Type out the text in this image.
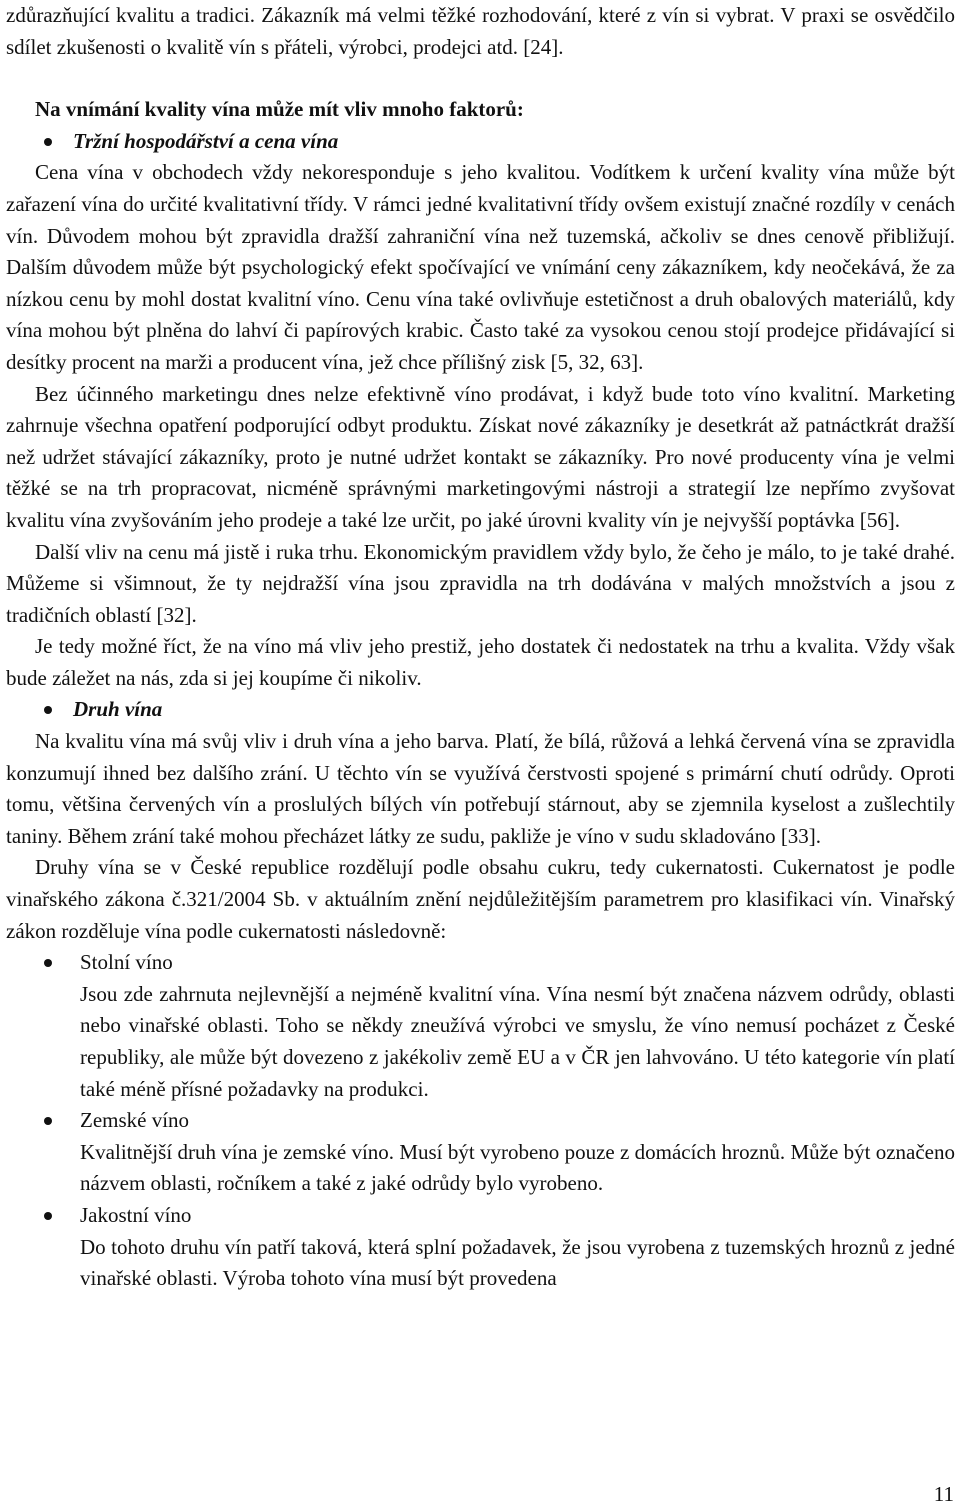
zdůrazňující kvalitu a tradici. Zákazník má velmi těžké rozhodování, které z vín si vybrat. V praxi se osvědčilo sdílet zkušenosti o kvalitě vín s přáteli, výrobci, prodejci atd. [24].

Na vnímání kvality vína může mít vliv mnoho faktorů:

Tržní hospodářství a cena vína

Cena vína v obchodech vždy nekoresponduje s jeho kvalitou. Vodítkem k určení kvality vína může být zařazení vína do určité kvalitativní třídy. V rámci jedné kvalitativní třídy ovšem existují značné rozdíly v cenách vín. Důvodem mohou být zpravidla dražší zahraniční vína než tuzemská, ačkoliv se dnes cenově přibližují. Dalším důvodem může být psychologický efekt spočívající ve vnímání ceny zákazníkem, kdy neočekává, že za nízkou cenu by mohl dostat kvalitní víno. Cenu vína také ovlivňuje estetičnost a druh obalových materiálů, kdy vína mohou být plněna do lahví či papírových krabic. Často také za vysokou cenou stojí prodejce přidávající si desítky procent na marži a producent vína, jež chce přílišný zisk [5, 32, 63].

Bez účinného marketingu dnes nelze efektivně víno prodávat, i když bude toto víno kvalitní. Marketing zahrnuje všechna opatření podporující odbyt produktu. Získat nové zákazníky je desetkrát až patnáctkrát dražší než udržet stávající zákazníky, proto je nutné udržet kontakt se zákazníky. Pro nové producenty vína je velmi těžké se na trh propracovat, nicméně správnými marketingovými nástroji a strategií lze nepřímo zvyšovat kvalitu vína zvyšováním jeho prodeje a také lze určit, po jaké úrovni kvality vín je nejvyšší poptávka [56].

Další vliv na cenu má jistě i ruka trhu. Ekonomickým pravidlem vždy bylo, že čeho je málo, to je také drahé. Můžeme si všimnout, že ty nejdražší vína jsou zpravidla na trh dodávána v malých množstvích a jsou z tradičních oblastí [32].

Je tedy možné říct, že na víno má vliv jeho prestiž, jeho dostatek či nedostatek na trhu a kvalita. Vždy však bude záležet na nás, zda si jej koupíme či nikoliv.

Druh vína

Na kvalitu vína má svůj vliv i druh vína a jeho barva. Platí, že bílá, růžová a lehká červená vína se zpravidla konzumují ihned bez dalšího zrání. U těchto vín se využívá čerstvosti spojené s primární chutí odrůdy. Oproti tomu, většina červených vín a proslulých bílých vín potřebují stárnout, aby se zjemnila kyselost a zušlechtily taniny. Během zrání také mohou přecházet látky ze sudu, pakliže je víno v sudu skladováno [33].

Druhy vína se v České republice rozdělují podle obsahu cukru, tedy cukernatosti. Cukernatost je podle vinařského zákona č.321/2004 Sb. v aktuálním znění nejdůležitějším parametrem pro klasifikaci vín. Vinařský zákon rozděluje vína podle cukernatosti následovně:

Stolní víno

Jsou zde zahrnuta nejlevnější a nejméně kvalitní vína. Vína nesmí být značena názvem odrůdy, oblasti nebo vinařské oblasti. Toho se někdy zneužívá výrobci ve smyslu, že víno nemusí pocházet z České republiky, ale může být dovezeno z jakékoliv země EU a v ČR jen lahvováno. U této kategorie vín platí také méně přísné požadavky na produkci.

Zemské víno

Kvalitnější druh vína je zemské víno. Musí být vyrobeno pouze z domácích hroznů. Může být označeno názvem oblasti, ročníkem a také z jaké odrůdy bylo vyrobeno.

Jakostní víno

Do tohoto druhu vín patří taková, která splní požadavek, že jsou vyrobena z tuzemských hroznů z jedné vinařské oblasti. Výroba tohoto vína musí být provedena

11
